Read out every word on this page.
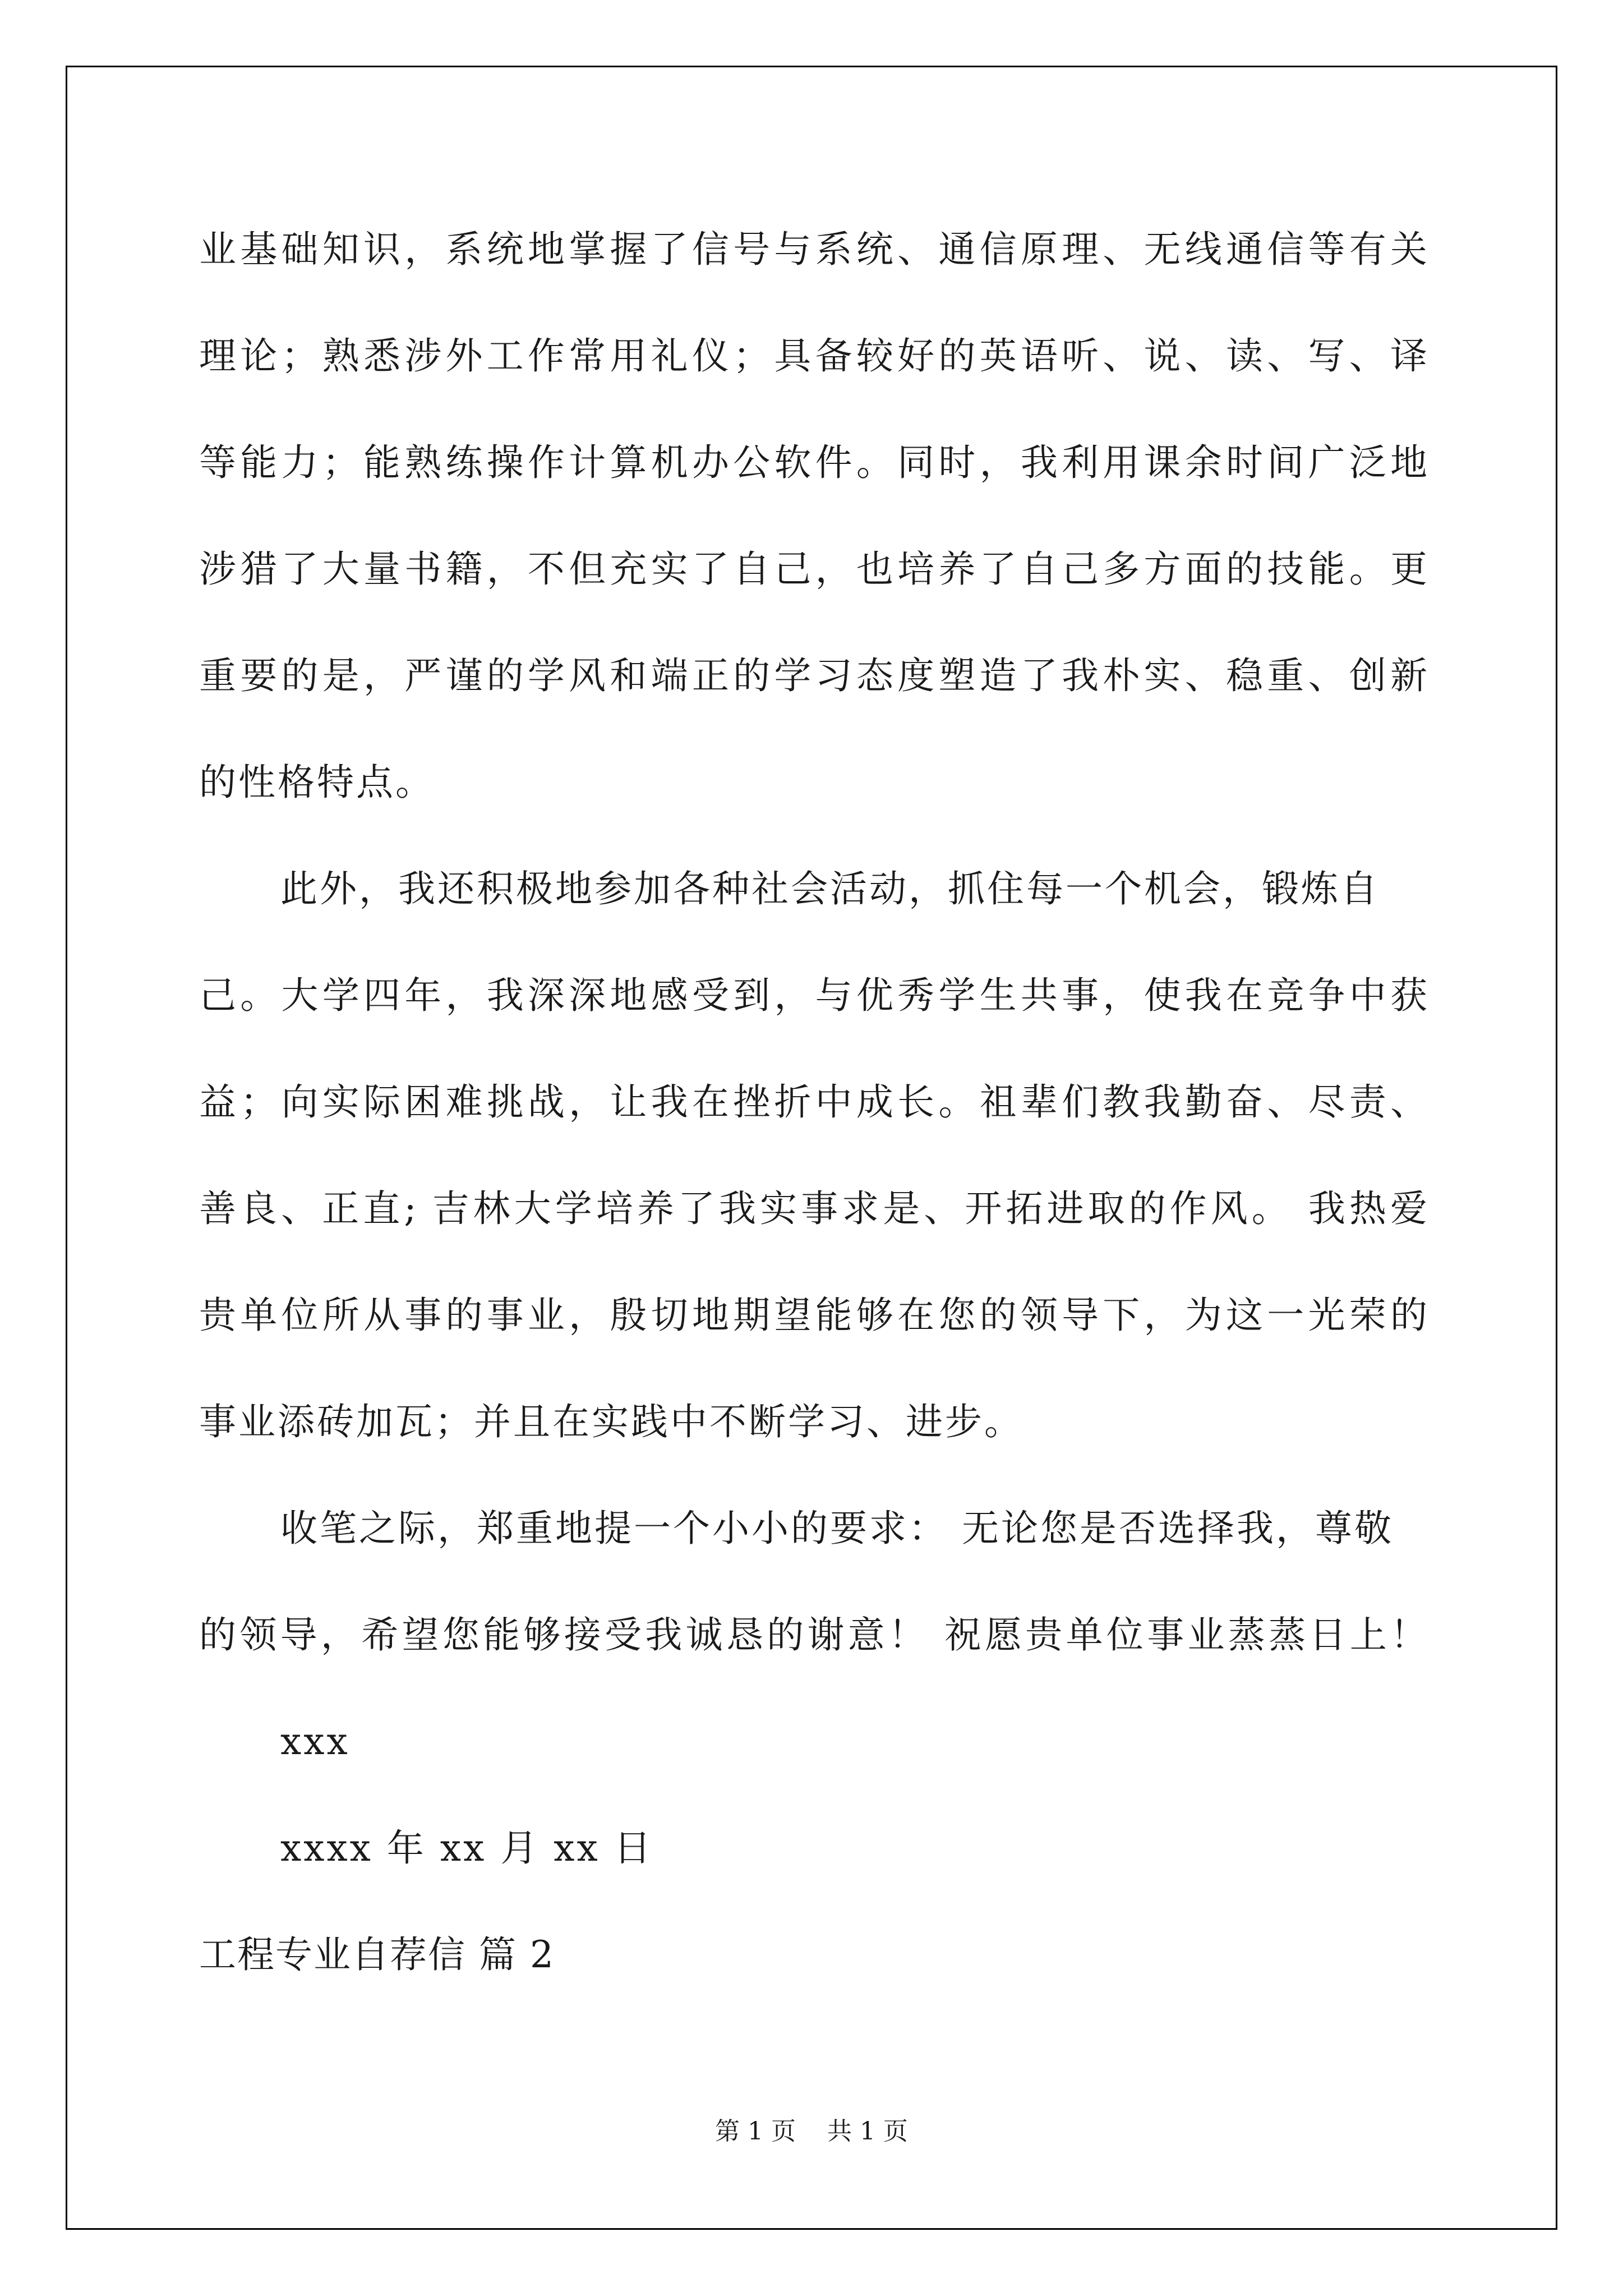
业基础知识，系统地掌握了信号与系统、通信原理、无线通信等有关
理论；熟悉涉外工作常用礼仪；具备较好的英语听、说、读、写、译
等能力；能熟练操作计算机办公软件。同时，我利用课余时间广泛地
涉猎了大量书籍，不但充实了自己，也培养了自己多方面的技能。更
重要的是，严谨的学风和端正的学习态度塑造了我朴实、稳重、创新
的性格特点。
此外，我还积极地参加各种社会活动，抓住每一个机会，锻炼自
己。大学四年，我深深地感受到，与优秀学生共事，使我在竞争中获
益；向实际困难挑战，让我在挫折中成长。祖辈们教我勤奋、尽责、
善良、正直; 吉林大学培养了我实事求是、开拓进取的作风。 我热爱
贵单位所从事的事业，殷切地期望能够在您的领导下，为这一光荣的
事业添砖加瓦；并且在实践中不断学习、进步。
收笔之际，郑重地提一个小小的要求： 无论您是否选择我，尊敬
的领导，希望您能够接受我诚恳的谢意！ 祝愿贵单位事业蒸蒸日上！
xxx
xxxx 年 xx 月 xx 日
工程专业自荐信 篇 2
第 1 页    共 1 页
